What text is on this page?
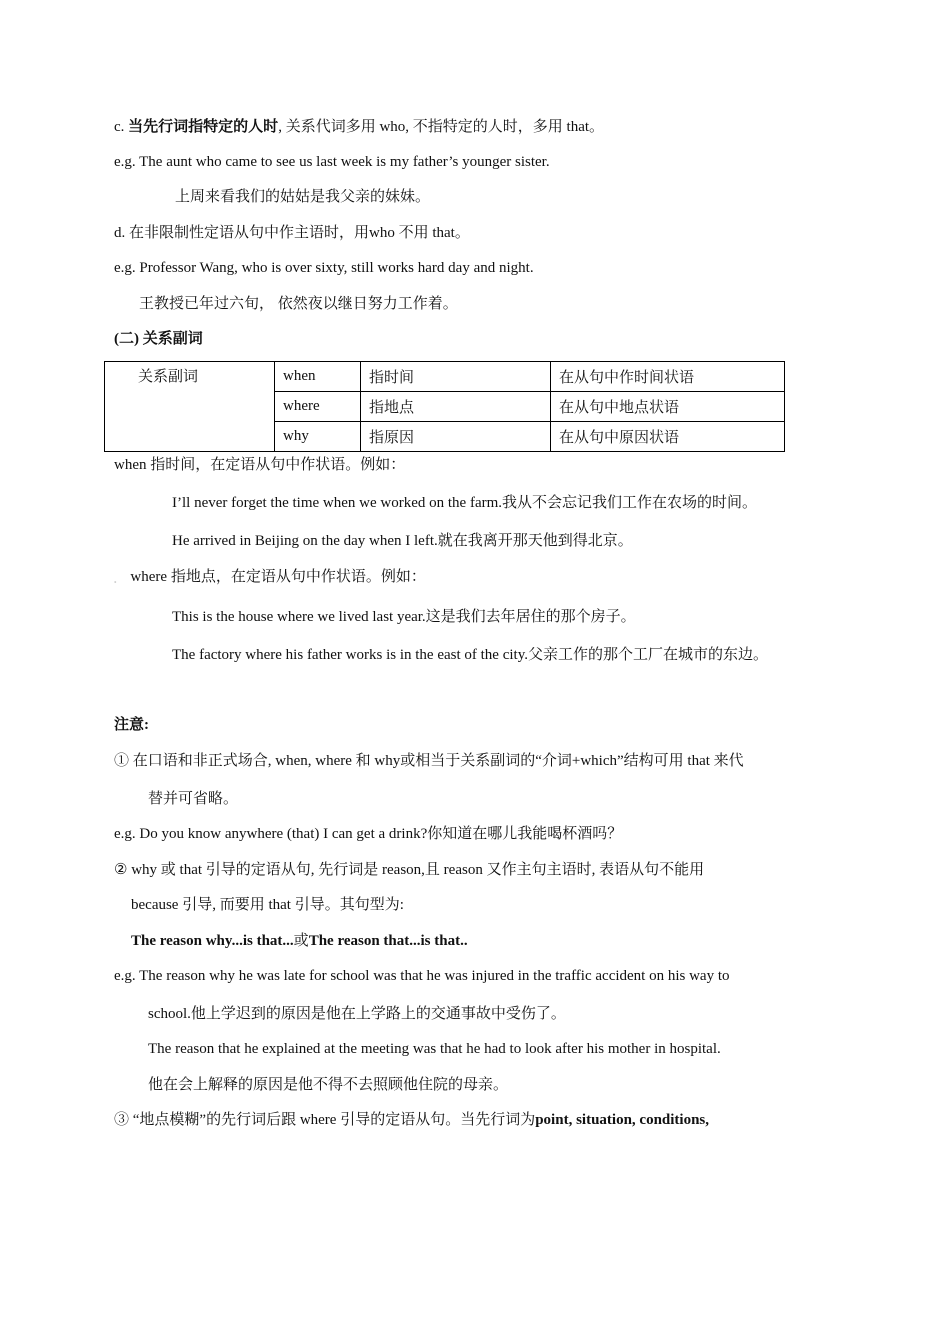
c. 当先行词指特定的人时, 关系代词多用 who, 不指特定的人时，多用 that。
e.g. The aunt who came to see us last week is my father’s younger sister.
上周来看我们的姑姑是我父亲的妹妹。
d. 在非限制性定语从句中作主语时，用who 不用 that。
e.g. Professor Wang, who is over sixty, still works hard day and night.
王教授已年过六旬， 依然夜以继日努力工作着。
(二) 关系副词
关系副词	when	指时间	在从句中作时间状语
	where	指地点	在从句中地点状语
	why	指原因	在从句中原因状语
when 指时间，在定语从句中作状语。例如：
I’ll never forget the time when we worked on the farm.我从不会忘记我们工作在农场的时间。
He arrived in Beijing on the day when I left.就在我离开那天他到得北京。
˳ where 指地点，在定语从句中作状语。例如：
This is the house where we lived last year.这是我们去年居住的那个房子。
The factory where his father works is in the east of the city.父亲工作的那个工厂在城市的东边。
注意:
① 在口语和非正式场合, when, where 和 why或相当于关系副词的“介词+which”结构可用 that 来代
替并可省略。
e.g. Do you know anywhere (that) I can get a drink?你知道在哪儿我能喝杯酒吗？
② why 或 that 引导的定语从句, 先行词是 reason,且 reason 又作主句主语时, 表语从句不能用
because 引导, 而要用 that 引导。其句型为:
The reason why...is that...或The reason that...is that..
e.g. The reason why he was late for school was that he was injured in the traffic accident on his way to
school.他上学迟到的原因是他在上学路上的交通事故中受伤了。
The reason that he explained at the meeting was that he had to look after his mother in hospital.
他在会上解释的原因是他不得不去照顾他住院的母亲。
③ “地点模糊”的先行词后跟 where 引导的定语从句。当先行词为point, situation, conditions,
